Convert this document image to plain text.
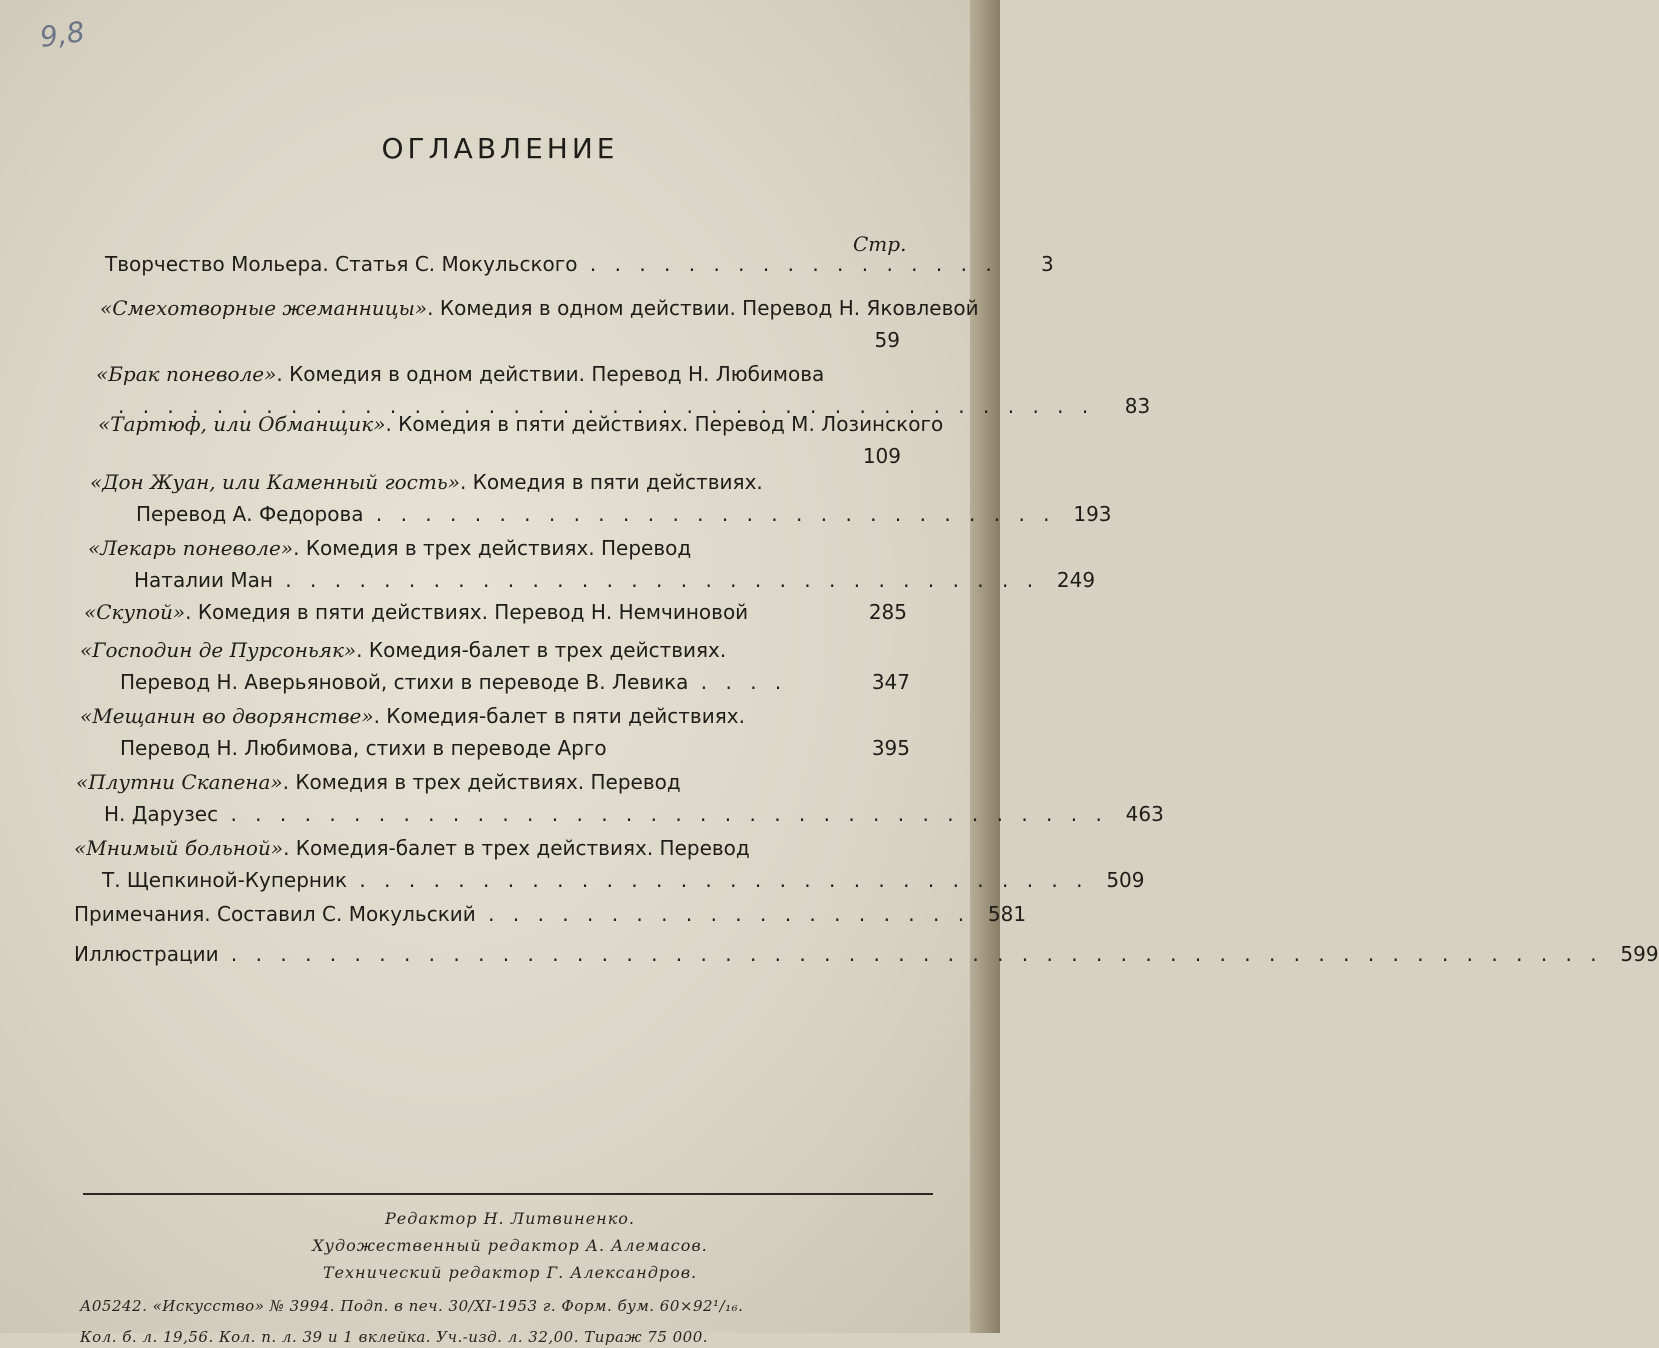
9,8
ОГЛАВЛЕНИЕ
Стр.
Творчество Мольера. Статья С. Мокульского . . . . . . . . . . . . . . . . .	3
«Смехотворные жеманницы» . Комедия в одном действии. Перевод Н. Яковлевой
59
«Брак поневоле» . Комедия в одном действии. Перевод Н. Любимова
. . . . . . . . . . . . . . . . . . . . . . . . . . . . . . . . . . . . . . . .	83
«Тартюф, или Обманщик» . Комедия в пяти действиях. Перевод М. Лозинского
109
«Дон Жуан, или Каменный гость» . Комедия в пяти действиях.
Перевод А. Федорова . . . . . . . . . . . . . . . . . . . . . . . . . . . . 193
«Лекарь поневоле» . Комедия в трех действиях. Перевод
Наталии Ман . . . . . . . . . . . . . . . . . . . . . . . . . . . . . . . 249
«Скупой» . Комедия в пяти действиях. Перевод Н. Немчиновой	285
«Господин де Пурсоньяк» . Комедия-балет в трех действиях.
Перевод Н. Аверьяновой, стихи в переводе В. Левика . . . .	347
«Мещанин во дворянстве» . Комедия-балет в пяти действиях.
Перевод Н. Любимова, стихи в переводе Арго	395
«Плутни Скапена» . Комедия в трех действиях. Перевод
Н. Дарузес . . . . . . . . . . . . . . . . . . . . . . . . . . . . . . . . . . . . 463
«Мнимый больной» . Комедия-балет в трех действиях. Перевод
Т. Щепкиной-Куперник . . . . . . . . . . . . . . . . . . . . . . . . . . . . . . 509
Примечания. Составил С. Мокульский . . . . . . . . . . . . . . . . . . . . 581
Иллюстрации . . . . . . . . . . . . . . . . . . . . . . . . . . . . . . . . . . . . . . . . . . . . . . . . . . . . . . . . 599
Редактор Н. Литвиненко.
Художественный редактор А. Алемасов.
Технический редактор Г. Александров.
А05242. «Искусство» № 3994. Подп. в печ. 30/XI-1953 г. Форм. бум. 60×92¹/₁₆.
Кол. б. л. 19,56. Кол. п. л. 39 и 1 вклейка. Уч.-изд. л. 32,00. Тираж 75 000.
